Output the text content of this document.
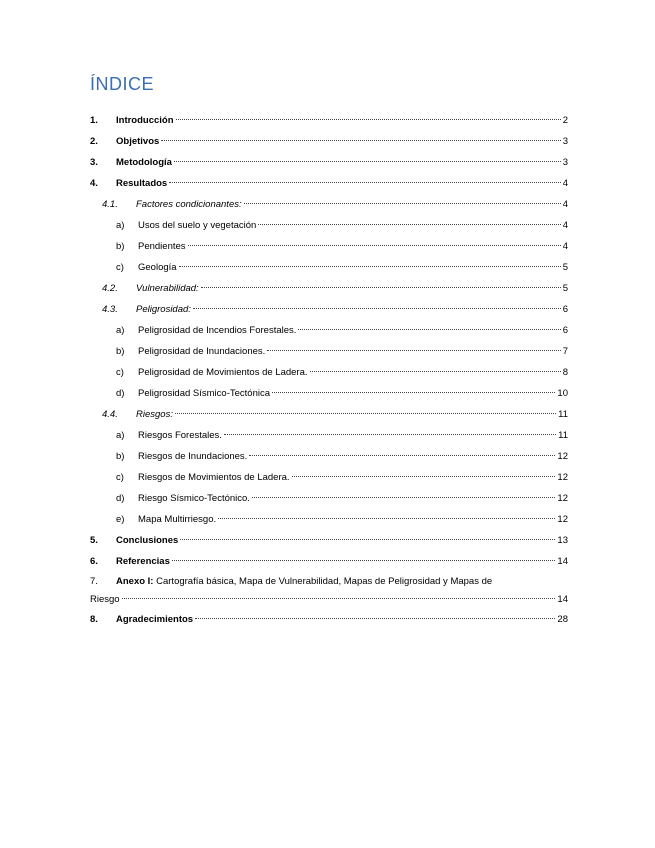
ÍNDICE
1.	Introducción	2
2.	Objetivos	3
3.	Metodología	3
4.	Resultados	4
4.1.	Factores condicionantes:	4
a)	Usos del suelo y vegetación	4
b)	Pendientes	4
c)	Geología	5
4.2.	Vulnerabilidad:	5
4.3.	Peligrosidad:	6
a)	Peligrosidad de Incendios Forestales.	6
b)	Peligrosidad de Inundaciones.	7
c)	Peligrosidad de Movimientos de Ladera.	8
d)	Peligrosidad Sísmico-Tectónica	10
4.4.	Riesgos:	11
a)	Riesgos Forestales.	11
b)	Riesgos de Inundaciones.	12
c)	Riesgos de Movimientos de Ladera.	12
d)	Riesgo Sísmico-Tectónico.	12
e)	Mapa Multirriesgo.	12
5.	Conclusiones	13
6.	Referencias	14
7.	Anexo I:
Cartografía básica, Mapa de Vulnerabilidad, Mapas de Peligrosidad y Mapas de
Riesgo	14
8.	Agradecimientos	28
